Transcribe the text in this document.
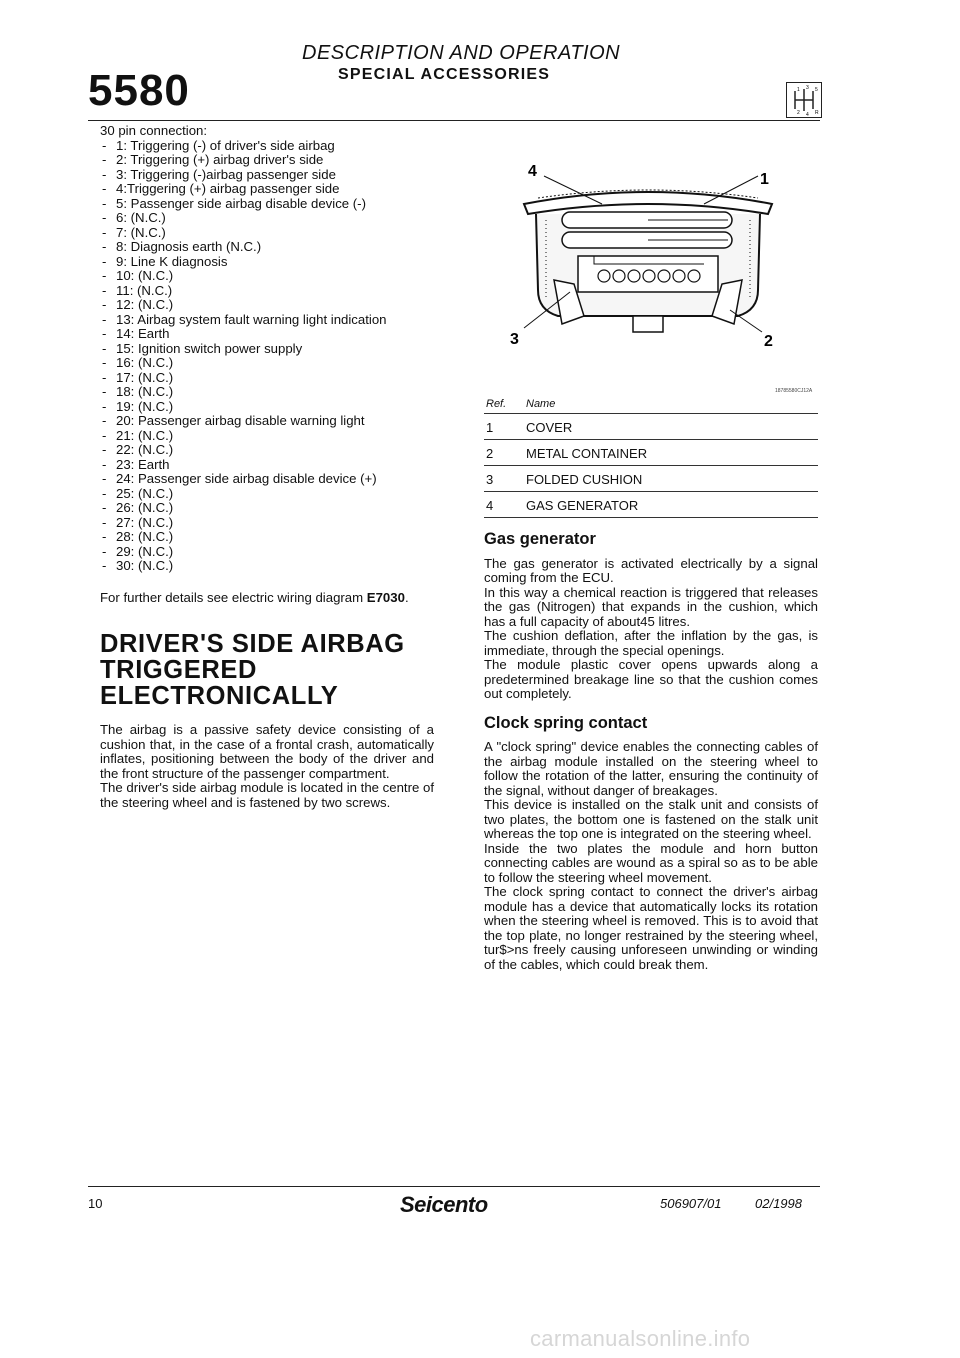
5580
DESCRIPTION AND OPERATION
SPECIAL ACCESSORIES
1 3 5
2 4 R
30 pin connection:
- 1: Triggering (-) of driver's side airbag
- 2: Triggering (+) airbag driver's side
- 3: Triggering (-)airbag passenger side
- 4:Triggering (+) airbag passenger side
- 5: Passenger side airbag disable device (-)
- 6: (N.C.)
- 7: (N.C.)
- 8: Diagnosis earth (N.C.)
- 9: Line K diagnosis
- 10: (N.C.)
- 11: (N.C.)
- 12: (N.C.)
- 13: Airbag system fault warning light indication
- 14: Earth
- 15: Ignition switch power supply
- 16: (N.C.)
- 17: (N.C.)
- 18: (N.C.)
- 19: (N.C.)
- 20: Passenger airbag disable warning light
- 21: (N.C.)
- 22: (N.C.)
- 23: Earth
- 24: Passenger side airbag disable device (+)
- 25: (N.C.)
- 26: (N.C.)
- 27: (N.C.)
- 28: (N.C.)
- 29: (N.C.)
- 30: (N.C.)

For further details see electric wiring diagram E7030.

DRIVER'S SIDE AIRBAG
TRIGGERED
ELECTRONICALLY

The airbag is a passive safety device consisting of a cushion that, in the case of a frontal crash, automatically inflates, positioning between the body of the driver and the front structure of the passenger compartment.

The driver's side airbag module is located in the centre of the steering wheel and is fastened by two screws.

4	1
3	2
18785580CJ12A
Ref.	Name
1	COVER
2	METAL CONTAINER
3	FOLDED CUSHION
4	GAS GENERATOR
Gas generator

The gas generator is activated electrically by a signal coming from the ECU.

In this way a chemical reaction is triggered that releases the gas (Nitrogen) that expands in the cushion, which has a full capacity of about45 litres.

The cushion deflation, after the inflation by the gas, is immediate, through the special openings.

The module plastic cover opens upwards along a predetermined breakage line so that the cushion comes out completely.

Clock spring contact

A "clock spring" device enables the connecting cables of the airbag module installed on the steering wheel to follow the rotation of the latter, ensuring the continuity of the signal, without danger of breakages.

This device is installed on the stalk unit and consists of two plates, the bottom one is fastened on the stalk unit whereas the top one is integrated on the steering wheel.

Inside the two plates the module and horn button connecting cables are wound as a spiral so as to be able to follow the steering wheel movement.

The clock spring contact to connect the driver's airbag module has a device that automatically locks its rotation when the steering wheel is removed. This is to avoid that the top plate, no longer restrained by the steering wheel, tur$>ns freely causing unforeseen unwinding or winding of the cables, which could break them.

10	Seicento	506907/01	02/1998
carmanualsonline.info
